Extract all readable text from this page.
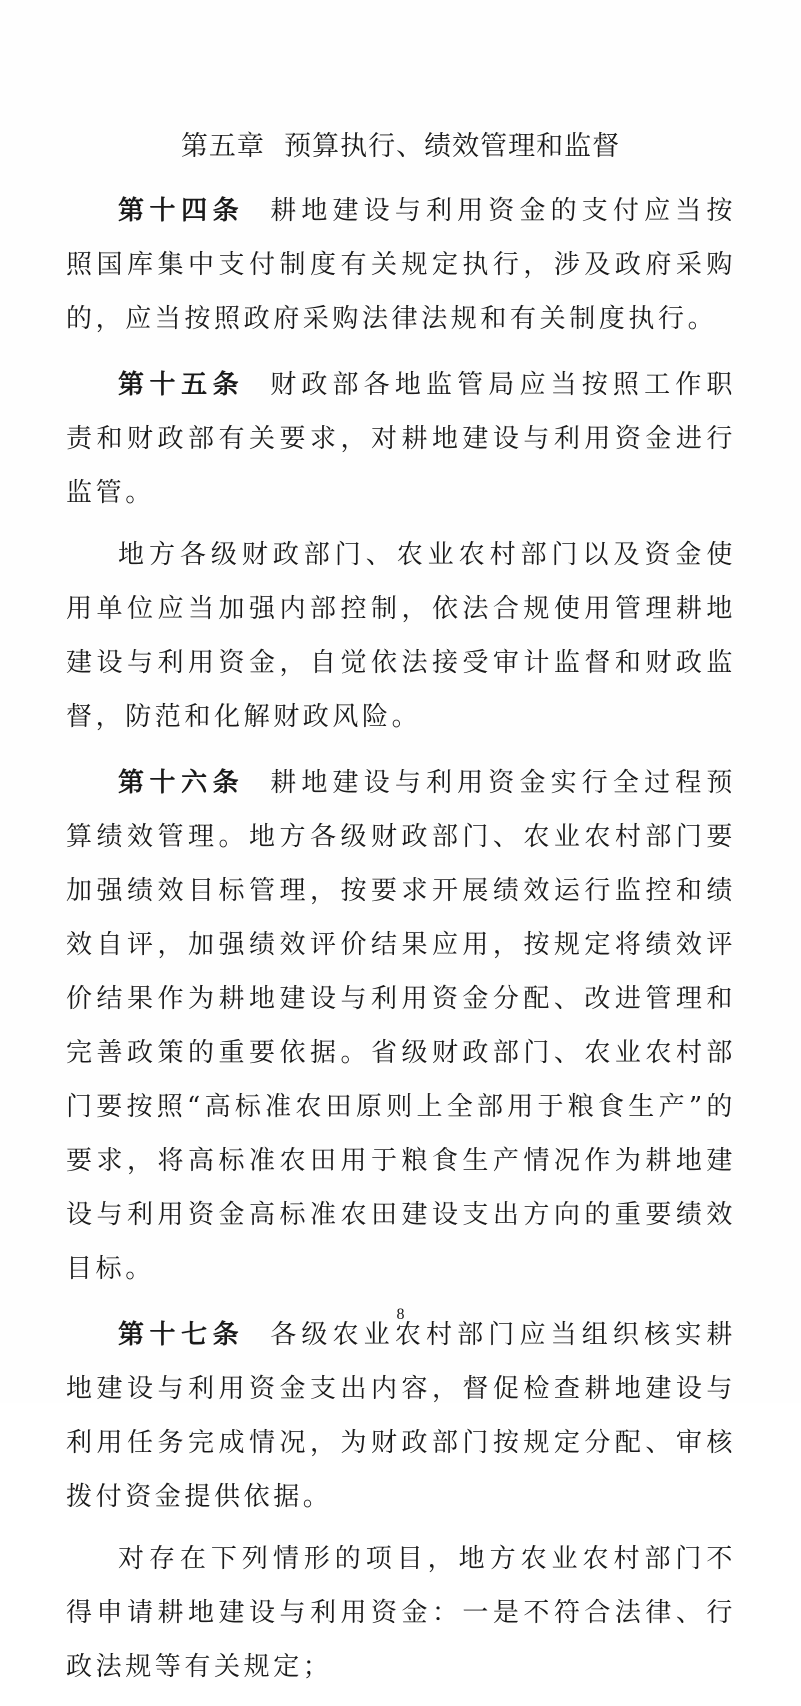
第五章  预算执行、绩效管理和监督

第十四条 耕地建设与利用资金的支付应当按照国库集中支付制度有关规定执行，涉及政府采购的，应当按照政府采购法律法规和有关制度执行。

第十五条 财政部各地监管局应当按照工作职责和财政部有关要求，对耕地建设与利用资金进行监管。

地方各级财政部门、农业农村部门以及资金使用单位应当加强内部控制，依法合规使用管理耕地建设与利用资金，自觉依法接受审计监督和财政监督，防范和化解财政风险。

第十六条 耕地建设与利用资金实行全过程预算绩效管理。地方各级财政部门、农业农村部门要加强绩效目标管理，按要求开展绩效运行监控和绩效自评，加强绩效评价结果应用，按规定将绩效评价结果作为耕地建设与利用资金分配、改进管理和完善政策的重要依据。省级财政部门、农业农村部门要按照“高标准农田原则上全部用于粮食生产”的要求，将高标准农田用于粮食生产情况作为耕地建设与利用资金高标准农田建设支出方向的重要绩效目标。

第十七条 各级农业农村部门应当组织核实耕地建设与利用资金支出内容，督促检查耕地建设与利用任务完成情况，为财政部门按规定分配、审核拨付资金提供依据。

对存在下列情形的项目，地方农业农村部门不得申请耕地建设与利用资金：一是不符合法律、行政法规等有关规定；

8
